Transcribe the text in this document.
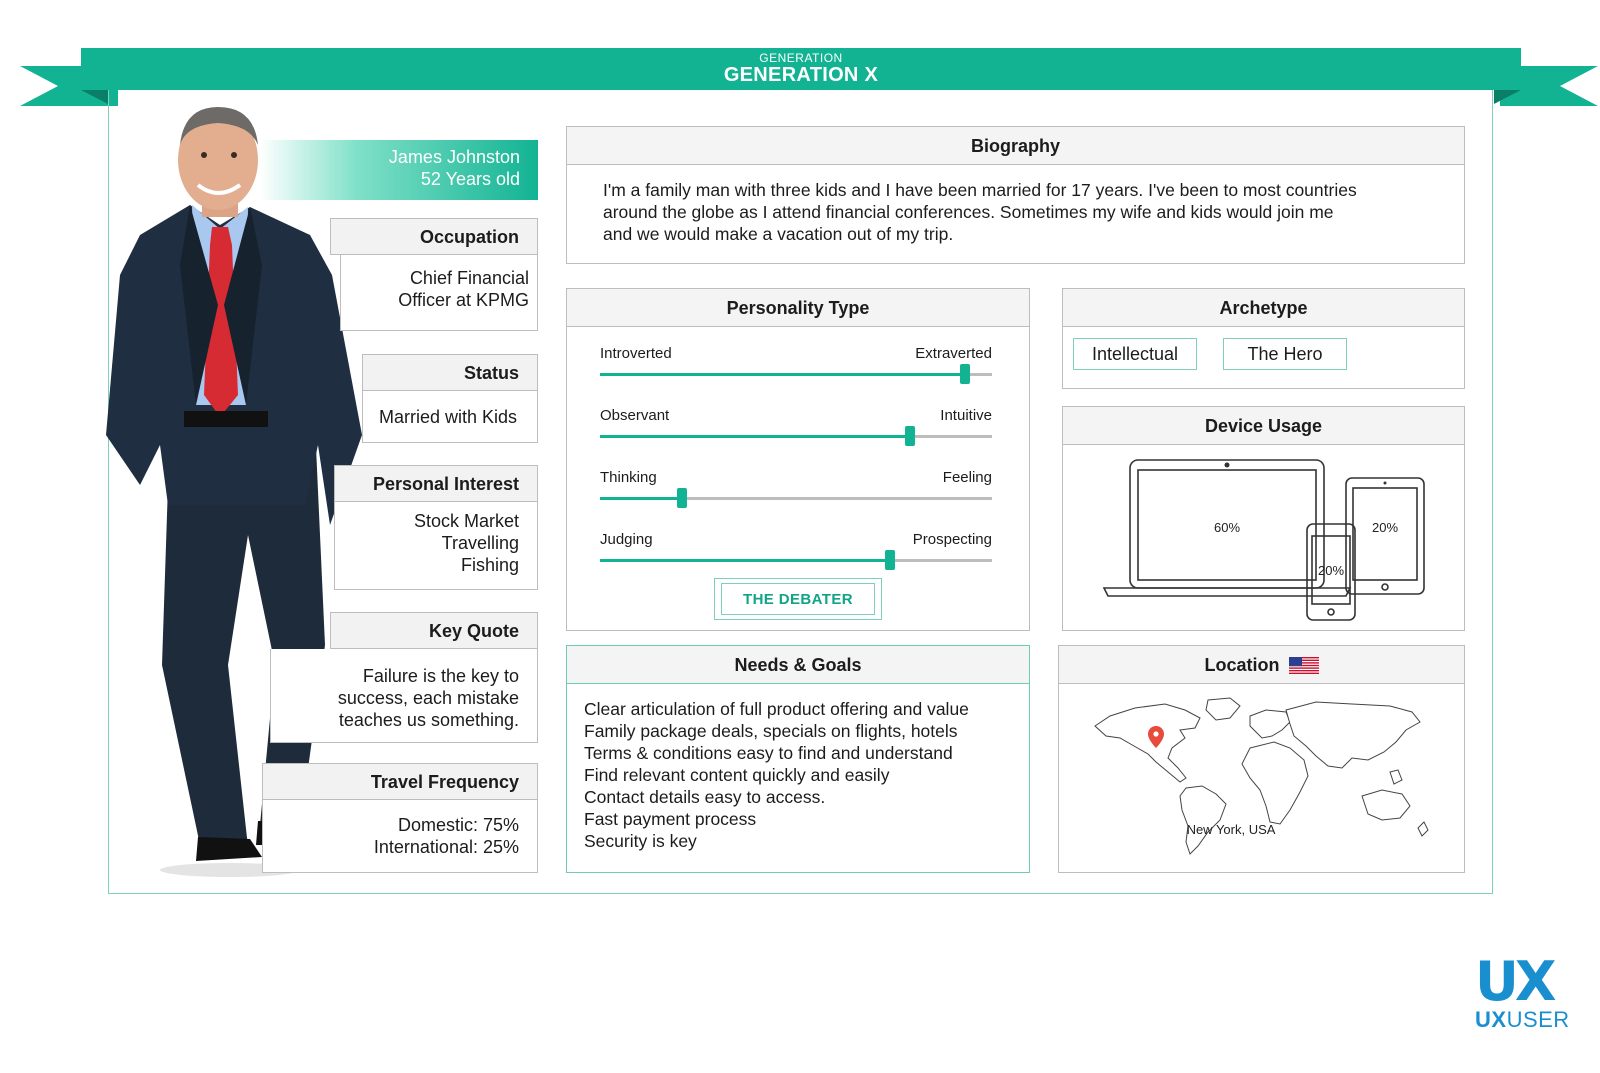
GENERATION
GENERATION X
James Johnston
52 Years old
Occupation
Chief Financial
Officer at KPMG
Status
Married with Kids
Personal Interest
Stock Market
Travelling
Fishing
Key Quote
Failure is the key to
success, each mistake
teaches us something.
Travel Frequency
Domestic: 75%
International: 25%
Biography
I'm a family man with three kids and I have been married for 17 years. I've been to most countries
around the globe as I attend financial conferences. Sometimes my wife and kids would join me
and we would make a vacation out of my trip.
Personality Type
Introverted	Extraverted
Observant	Intuitive
Thinking	Feeling
Judging	Prospecting
THE DEBATER
Archetype
Intellectual	The Hero
Device Usage
60%	20%
20%
Needs & Goals
Clear articulation of full product offering and value
Family package deals, specials on flights, hotels
Terms & conditions easy to find and understand
Find relevant content quickly and easily
Contact details easy to access.
Fast payment process
Security is key
Location
New York, USA
UX
UXUSER
